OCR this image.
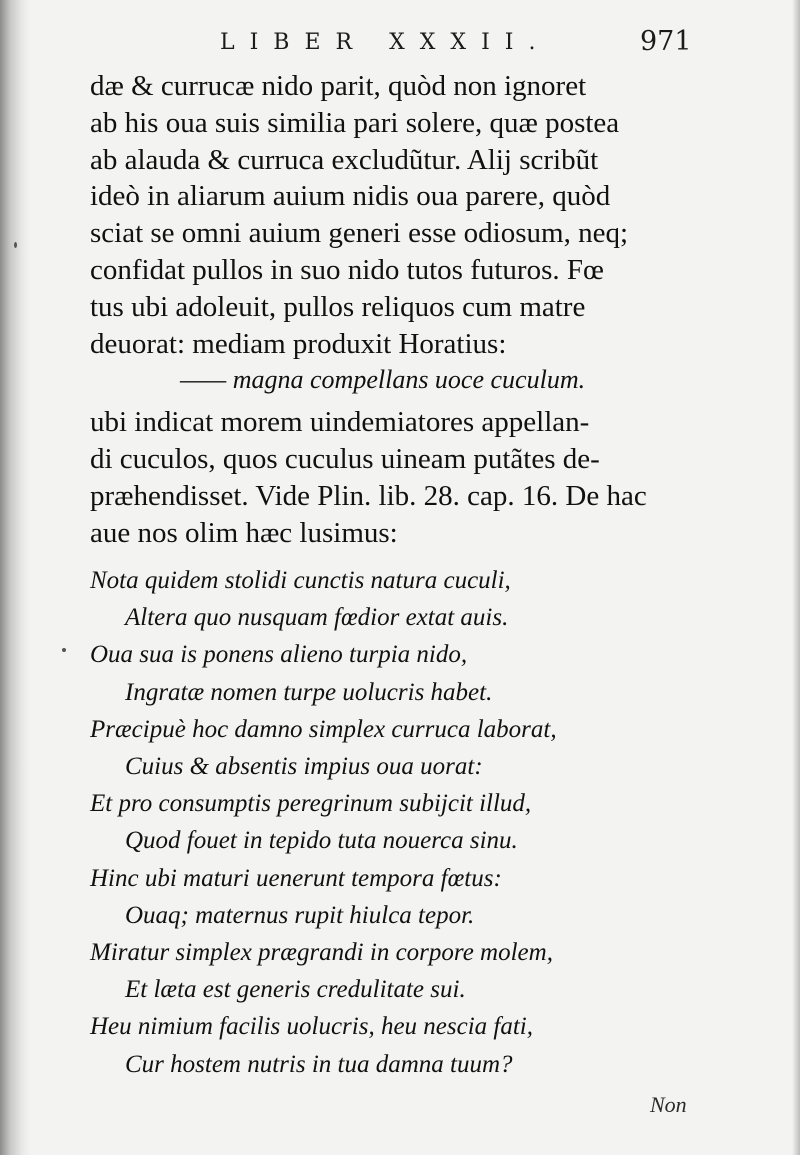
LIBER XXXII.	971
dæ & currucæ nido parit, quòd non ignoret
ab his oua suis similia pari solere, quæ postea
ab alauda & curruca excludũtur. Alij scribũt
ideò in aliarum auium nidis oua parere, quòd
sciat se omni auium generi esse odiosum, neq;
confidat pullos in suo nido tutos futuros. Fœ
tus ubi adoleuit, pullos reliquos cum matre
deuorat: mediam produxit Horatius:
—— magna compellans uoce cuculum.
ubi indicat morem uindemiatores appellan-
di cuculos, quos cuculus uineam putãtes de-
præhendisset. Vide Plin. lib. 28. cap. 16. De hac
aue nos olim hæc lusimus:
Nota quidem stolidi cunctis natura cuculi,
Altera quo nusquam fœdior extat auis.
Oua sua is ponens alieno turpia nido,
Ingratæ nomen turpe uolucris habet.
Præcipuè hoc damno simplex curruca laborat,
Cuius & absentis impius oua uorat:
Et pro consumptis peregrinum subijcit illud,
Quod fouet in tepido tuta nouerca sinu.
Hinc ubi maturi uenerunt tempora fœtus:
Ouaq; maternus rupit hiulca tepor.
Miratur simplex prægrandi in corpore molem,
Et læta est generis credulitate sui.
Heu nimium facilis uolucris, heu nescia fati,
Cur hostem nutris in tua damna tuum?
Non
